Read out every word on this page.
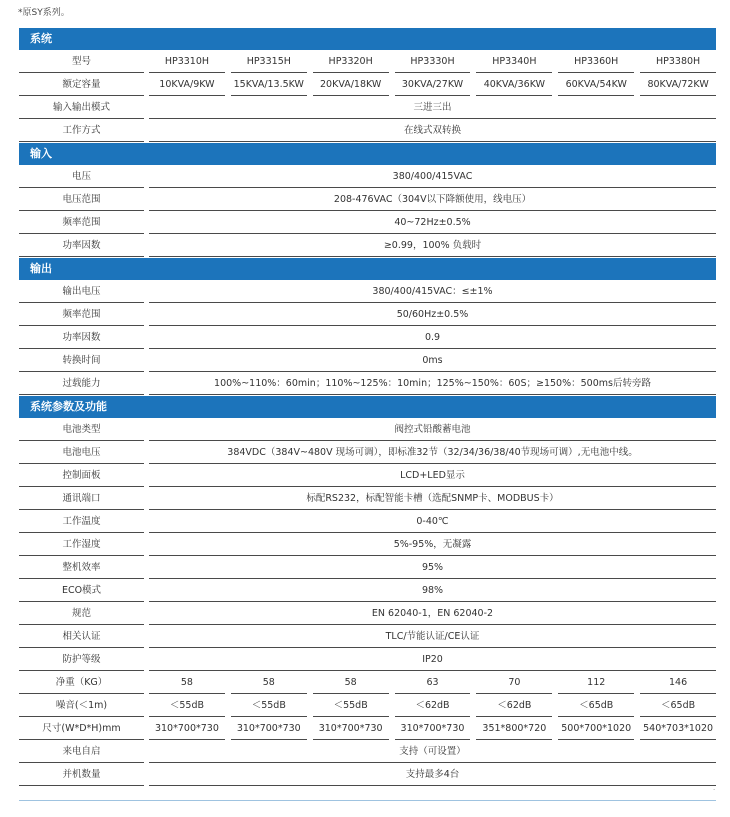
*原SY系列。
系统
型号	HP3310H	HP3315H	HP3320H	HP3330H	HP3340H	HP3360H	HP3380H
额定容量	10KVA/9KW	15KVA/13.5KW	20KVA/18KW	30KVA/27KW	40KVA/36KW	60KVA/54KW	80KVA/72KW
输入输出模式	三进三出
工作方式	在线式双转换
输入
电压	380/400/415VAC
电压范围	208-476VAC（304V以下降额使用，线电压）
频率范围	40~72Hz±0.5%
功率因数	≥0.99，100% 负载时
输出
输出电压	380/400/415VAC：≤±1%
频率范围	50/60Hz±0.5%
功率因数	0.9
转换时间	0ms
过载能力	100%~110%：60min；110%~125%：10min；125%~150%：60S；≥150%：500ms后转旁路
系统参数及功能
电池类型	阀控式铅酸蓄电池
电池电压	384VDC（384V~480V 现场可调），即标准32节（32/34/36/38/40节现场可调）,无电池中线。
控制面板	LCD+LED显示
通讯端口	标配RS232，标配智能卡槽（选配SNMP卡、MODBUS卡）
工作温度	0-40℃
工作湿度	5%-95%，无凝露
整机效率	95%
ECO模式	98%
规范	EN 62040-1，EN 62040-2
相关认证	TLC/节能认证/CE认证
防护等级	IP20
净重（KG）	58	58	58	63	70	112	146
噪音(＜1m)	＜55dB	＜55dB	＜55dB	＜62dB	＜62dB	＜65dB	＜65dB
尺寸(W*D*H)mm	310*700*730	310*700*730	310*700*730	310*700*730	351*800*720	500*700*1020	540*703*1020
来电自启	支持（可设置）
并机数量	支持最多4台
·
